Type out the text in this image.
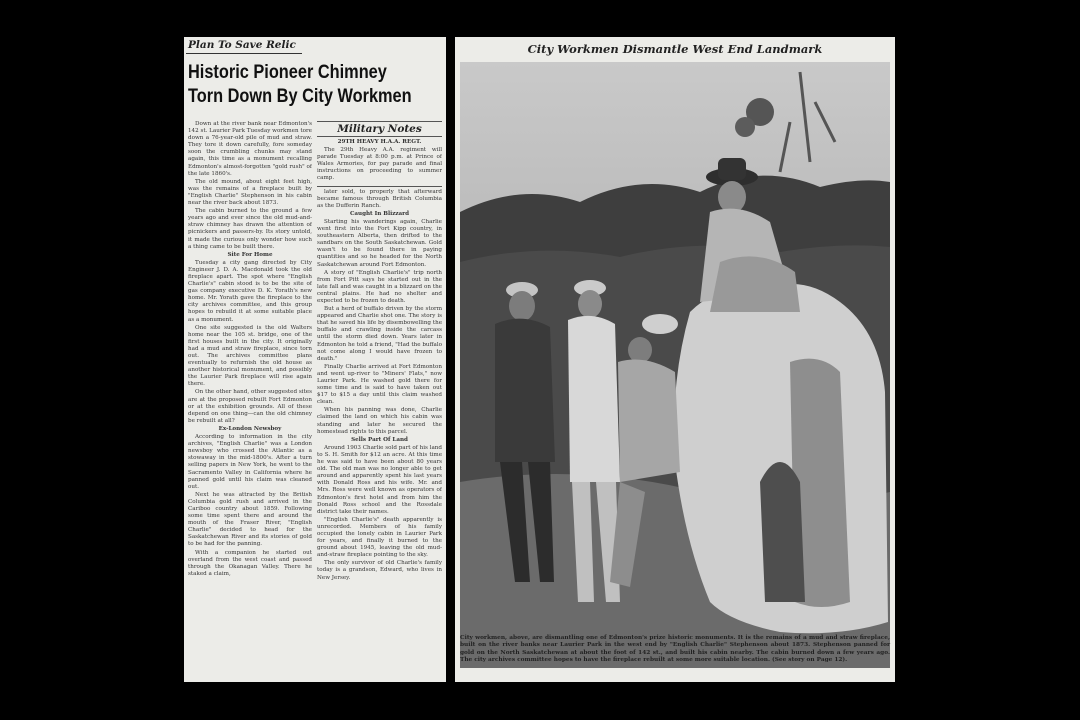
Plan To Save Relic
Historic Pioneer Chimney
Torn Down By City Workmen

Down at the river bank near Edmonton's 142 st. Laurier Park Tuesday workmen tore down a 76-year-old pile of mud and straw. They tore it down carefully, fore someday soon the crumbling chunks may stand again, this time as a monument recalling Edmonton's almost-forgotten "gold rush" of the late 1860's.

The old mound, about eight feet high, was the remains of a fireplace built by "English Charlie" Stephenson in his cabin near the river back about 1873.

The cabin burned to the ground a few years ago and ever since the old mud-and-straw chimney has drawn the attention of picnickers and passers-by. Its story untold, it made the curious only wonder how such a thing came to be built there.

Site For Home

Tuesday a city gang directed by City Engineer J. D. A. Macdonald took the old fireplace apart. The spot where "English Charlie's" cabin stood is to be the site of gas company executive D. K. Yorath's new home. Mr. Yorath gave the fireplace to the city archives committee, and this group hopes to rebuild it at some suitable place as a monument.

One site suggested is the old Walters home near the 105 st. bridge, one of the first houses built in the city. It originally had a mud and straw fireplace, since torn out. The archives committee plans eventually to refurnish the old house as another historical monument, and possibly the Laurier Park fireplace will rise again there.

On the other hand, other suggested sites are at the proposed rebuilt Fort Edmonton or at the exhibition grounds. All of these depend on one thing—can the old chimney be rebuilt at all?

Ex-London Newsboy

According to information in the city archives, "English Charlie" was a London newsboy who crossed the Atlantic as a stowaway in the mid-1800's. After a turn selling papers in New York, he went to the Sacramento Valley in California where he panned gold until his claim was cleaned out.

Next he was attracted by the British Columbia gold rush and arrived in the Cariboo country about 1859. Following some time spent there and around the mouth of the Fraser River, "English Charlie" decided to head for the Saskatchewan River and its stories of gold to be had for the panning.

With a companion he started out overland from the west coast and passed through the Okanagan Valley. There he staked a claim,

Military Notes

29TH HEAVY H.A.A. REGT.

The 29th Heavy A.A. regiment will parade Tuesday at 8:00 p.m. at Prince of Wales Armories, for pay parade and final instructions on proceeding to summer camp.

later sold, to properly that afterward became famous through British Columbia as the Dufferin Ranch.

Caught In Blizzard

Starting his wanderings again, Charlie went first into the Fort Kipp country, in southeastern Alberta, then drifted to the sandbars on the South Saskatchewan. Gold wasn't to be found there in paying quantities and so he headed for the North Saskatchewan around Fort Edmonton.

A story of "English Charlie's" trip north from Fort Pitt says he started out in the late fall and was caught in a blizzard on the central plains. He had no shelter and expected to be frozen to death.

But a herd of buffalo driven by the storm appeared and Charlie shot one. The story is that he saved his life by disembowelling the buffalo and crawling inside the carcass until the storm died down. Years later in Edmonton he told a friend, "Had the buffalo not come along I would have frozen to death."

Finally Charlie arrived at Fort Edmonton and went up-river to "Miners' Flats," now Laurier Park. He washed gold there for some time and is said to have taken out $17 to $15 a day until this claim washed clean.

When his panning was done, Charlie claimed the land on which his cabin was standing and later he secured the homestead rights to this parcel.

Sells Part Of Land

Around 1903 Charlie sold part of his land to S. H. Smith for $12 an acre. At this time he was said to have been about 80 years old. The old man was no longer able to get around and apparently spent his last years with Donald Ross and his wife. Mr. and Mrs. Ross were well known as operators of Edmonton's first hotel and from him the Donald Ross school and the Rossdale district take their names.

"English Charlie's" death apparently is unrecorded. Members of his family occupied the lonely cabin in Laurier Park for years, and finally it burned to the ground about 1945, leaving the old mud-and-straw fireplace pointing to the sky.

The only survivor of old Charlie's family today is a grandson, Edward, who lives in New Jersey.

City Workmen Dismantle West End Landmark
City workmen, above, are dismantling one of Edmonton's prize historic monuments. It is the remains of a mud and straw fireplace, built on the river banks near Laurier Park in the west end by "English Charlie" Stephenson about 1873. Stephenson panned for gold on the North Saskatchewan at about the foot of 142 st., and built his cabin nearby. The cabin burned down a few years ago. The city archives committee hopes to have the fireplace rebuilt at some more suitable location. (See story on Page 12).
